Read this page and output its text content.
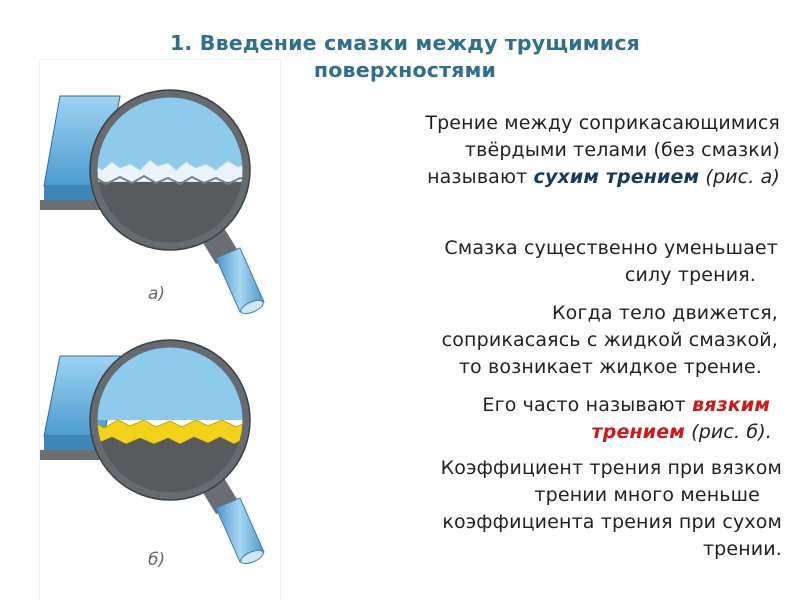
1. Введение смазки между трущимися
поверхностями
а)
б)
Трение между соприкасающимися
твёрдыми телами (без смазки)
называют сухим трением (рис. а)
Смазка существенно уменьшает
силу трения.
Когда тело движется,
соприкасаясь с жидкой смазкой,
то возникает жидкое трение.
Его часто называют вязким
трением (рис. б).
Коэффициент трения при вязком
трении много меньше
коэффициента трения при сухом
трении.
